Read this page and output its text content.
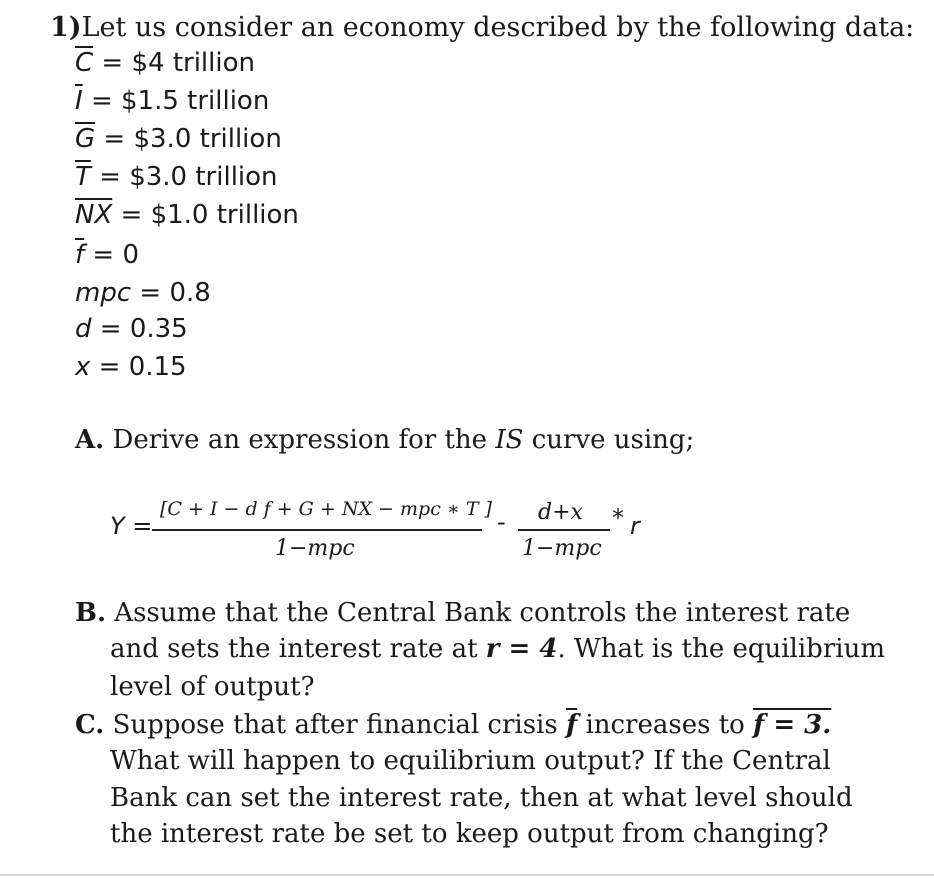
1)Let us consider an economy described by the following data:
$\overline{C}$ = $4 trillion
$\overline{I}$ = $1.5 trillion
$\overline{G}$ = $3.0 trillion
$\overline{T}$ = $3.0 trillion
$\overline{NX}$ = $1.0 trillion
$\overline{f} = 0$
mpc = 0.8
d = 0.35
x = 0.15
A. Derive an expression for the IS curve using;
Y =
[C + I − d f + G + NX − mpc ∗ T ]
1−mpc
- d+x
1−mpc
* r
B. Assume that the Central Bank controls the interest rate
and sets the interest rate at r = 4. What is the equilibrium
level of output?
C. Suppose that after financial crisis $\overline{f}$ increases to f = 3.
What will happen to equilibrium output? If the Central
Bank can set the interest rate, then at what level should
the interest rate be set to keep output from changing?
